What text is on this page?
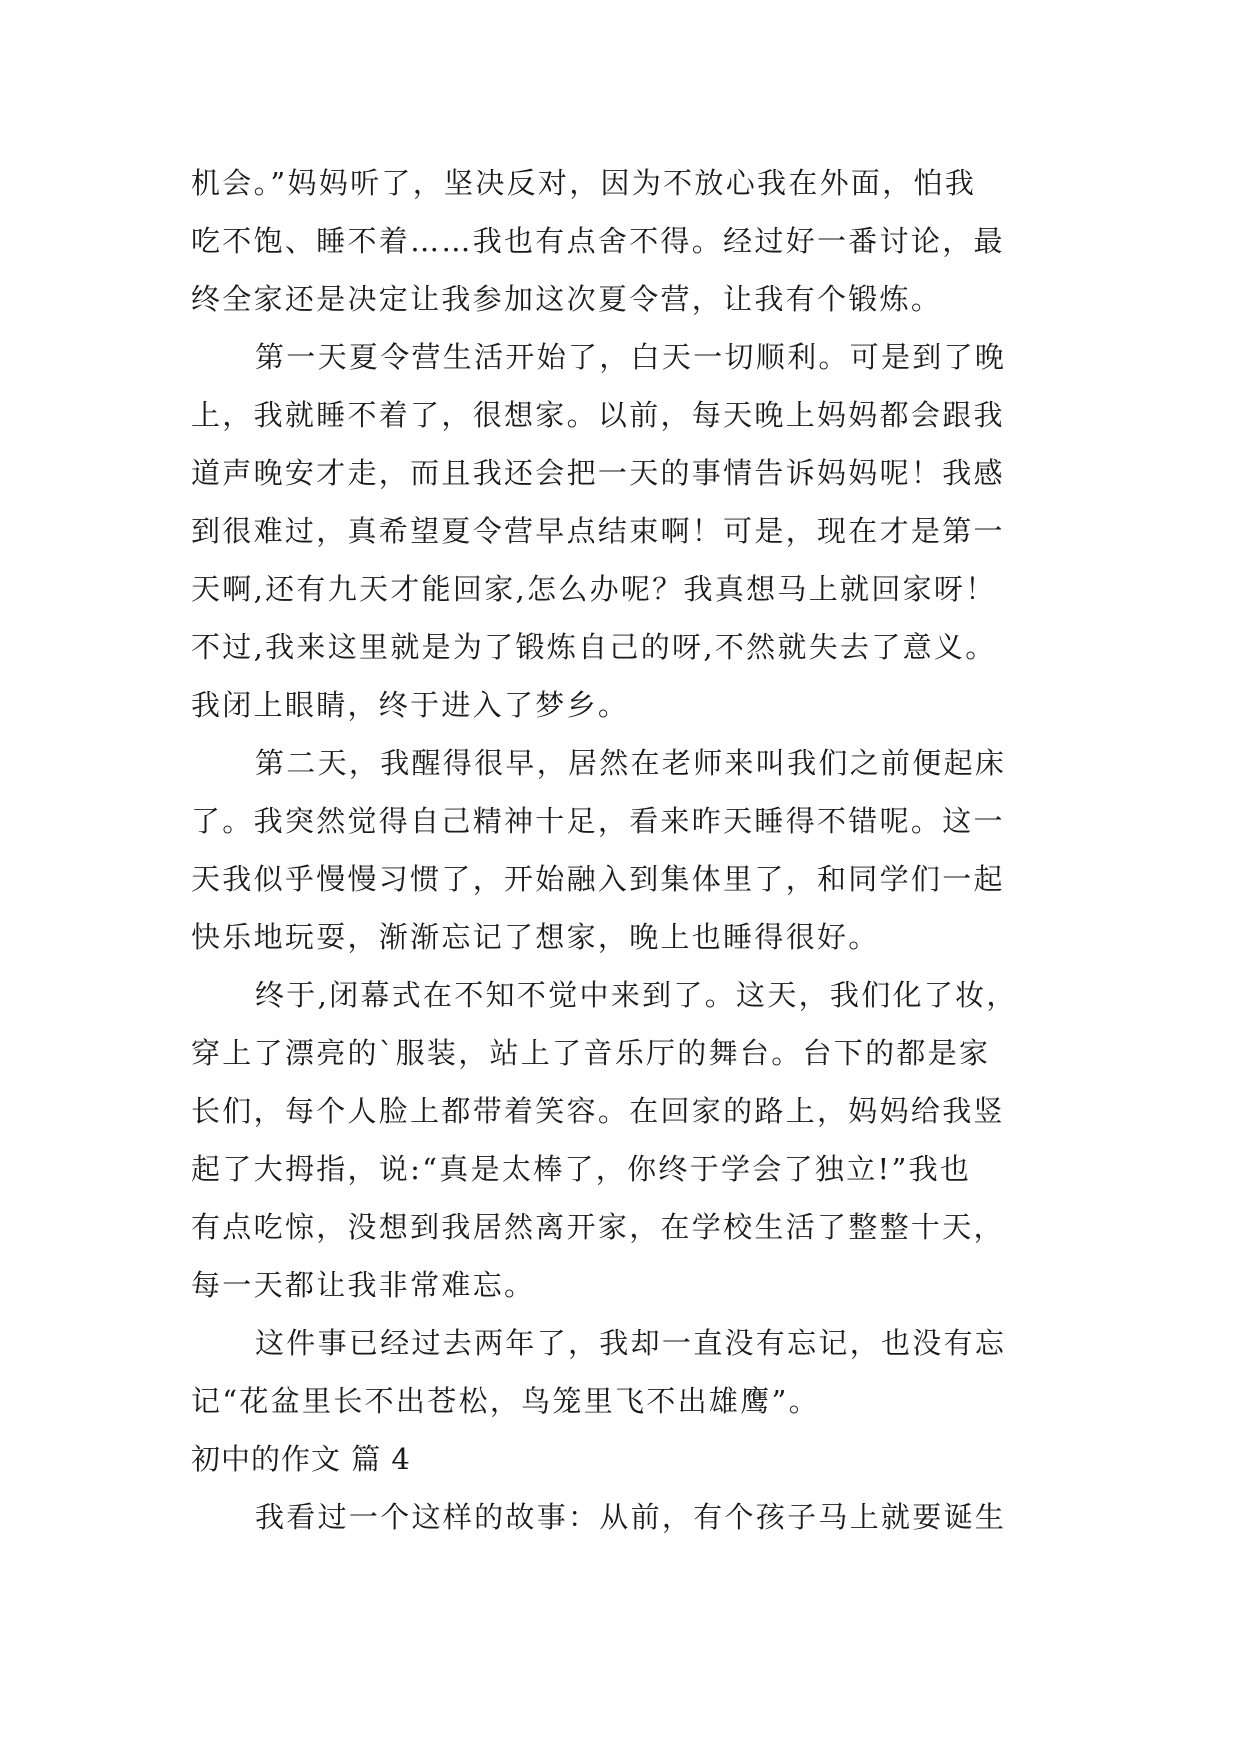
机会。”妈妈听了，坚决反对，因为不放心我在外面，怕我
吃不饱、睡不着……我也有点舍不得。经过好一番讨论，最
终全家还是决定让我参加这次夏令营，让我有个锻炼。
第一天夏令营生活开始了，白天一切顺利。可是到了晚
上，我就睡不着了，很想家。以前，每天晚上妈妈都会跟我
道声晚安才走，而且我还会把一天的事情告诉妈妈呢！我感
到很难过，真希望夏令营早点结束啊！可是，现在才是第一
天啊,还有九天才能回家,怎么办呢？我真想马上就回家呀！
不过,我来这里就是为了锻炼自己的呀,不然就失去了意义。
我闭上眼睛，终于进入了梦乡。
第二天，我醒得很早，居然在老师来叫我们之前便起床
了。我突然觉得自己精神十足，看来昨天睡得不错呢。这一
天我似乎慢慢习惯了，开始融入到集体里了，和同学们一起
快乐地玩耍，渐渐忘记了想家，晚上也睡得很好。
终于,闭幕式在不知不觉中来到了。这天，我们化了妆，
穿上了漂亮的`服装，站上了音乐厅的舞台。台下的都是家
长们，每个人脸上都带着笑容。在回家的路上，妈妈给我竖
起了大拇指，说:“真是太棒了，你终于学会了独立!”我也
有点吃惊，没想到我居然离开家，在学校生活了整整十天，
每一天都让我非常难忘。
这件事已经过去两年了，我却一直没有忘记，也没有忘
记“花盆里长不出苍松，鸟笼里飞不出雄鹰”。
初中的作文 篇 4
我看过一个这样的故事：从前，有个孩子马上就要诞生
